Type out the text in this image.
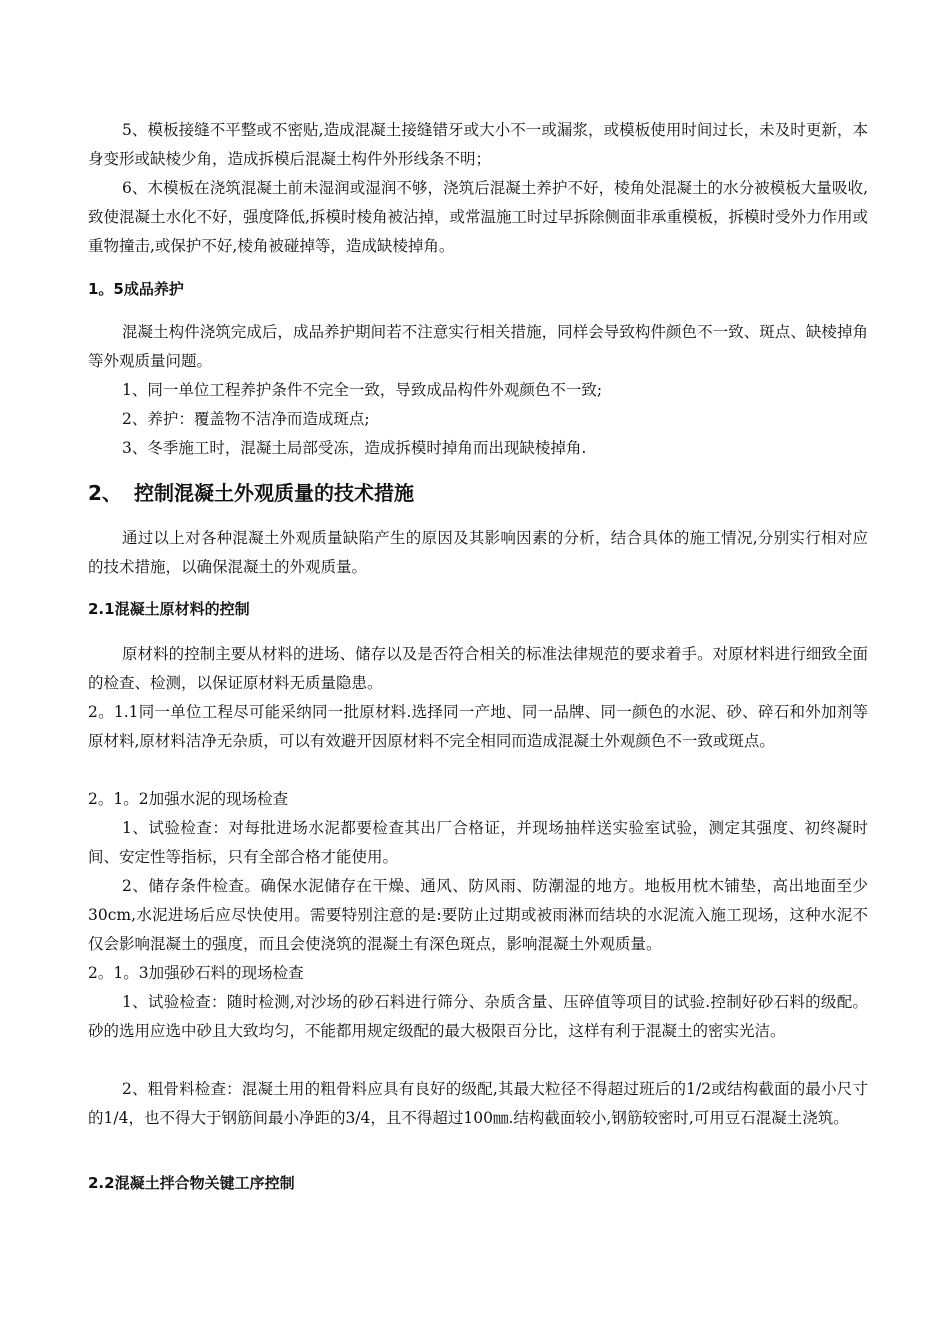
5、模板接缝不平整或不密贴,造成混凝土接缝错牙或大小不一或漏浆，或模板使用时间过长，未及时更新，本身变形或缺棱少角，造成拆模后混凝土构件外形线条不明；

6、木模板在浇筑混凝土前未湿润或湿润不够，浇筑后混凝土养护不好，棱角处混凝土的水分被模板大量吸收,致使混凝土水化不好，强度降低,拆模时棱角被沾掉，或常温施工时过早拆除侧面非承重模板，拆模时受外力作用或重物撞击,或保护不好,棱角被碰掉等，造成缺棱掉角。

1。5成品养护

混凝土构件浇筑完成后，成品养护期间若不注意实行相关措施，同样会导致构件颜色不一致、斑点、缺棱掉角等外观质量问题。

1、同一单位工程养护条件不完全一致，导致成品构件外观颜色不一致;

2、养护：覆盖物不洁净而造成斑点;

3、冬季施工时，混凝土局部受冻，造成拆模时掉角而出现缺棱掉角.

2、 控制混凝土外观质量的技术措施

通过以上对各种混凝土外观质量缺陷产生的原因及其影响因素的分析，结合具体的施工情况,分别实行相对应的技术措施，以确保混凝土的外观质量。

2.1混凝土原材料的控制

原材料的控制主要从材料的进场、储存以及是否符合相关的标准法律规范的要求着手。对原材料进行细致全面的检查、检测，以保证原材料无质量隐患。

2。1.1同一单位工程尽可能采纳同一批原材料.选择同一产地、同一品牌、同一颜色的水泥、砂、碎石和外加剂等原材料,原材料洁净无杂质，可以有效避开因原材料不完全相同而造成混凝土外观颜色不一致或斑点。

2。1。2加强水泥的现场检查

1、试验检查：对每批进场水泥都要检查其出厂合格证，并现场抽样送实验室试验，测定其强度、初终凝时间、安定性等指标，只有全部合格才能使用。

2、储存条件检查。确保水泥储存在干燥、通风、防风雨、防潮湿的地方。地板用枕木铺垫，高出地面至少30cm,水泥进场后应尽快使用。需要特别注意的是:要防止过期或被雨淋而结块的水泥流入施工现场，这种水泥不仅会影响混凝土的强度，而且会使浇筑的混凝土有深色斑点，影响混凝土外观质量。

2。1。3加强砂石料的现场检查

1、试验检查：随时检测,对沙场的砂石料进行筛分、杂质含量、压碎值等项目的试验.控制好砂石料的级配。砂的选用应选中砂且大致均匀，不能都用规定级配的最大极限百分比，这样有利于混凝土的密实光洁。

2、粗骨料检查：混凝土用的粗骨料应具有良好的级配,其最大粒径不得超过班后的1/2或结构截面的最小尺寸的1/4，也不得大于钢筋间最小净距的3/4，且不得超过100㎜.结构截面较小,钢筋较密时,可用豆石混凝土浇筑。

2.2混凝土拌合物关键工序控制
